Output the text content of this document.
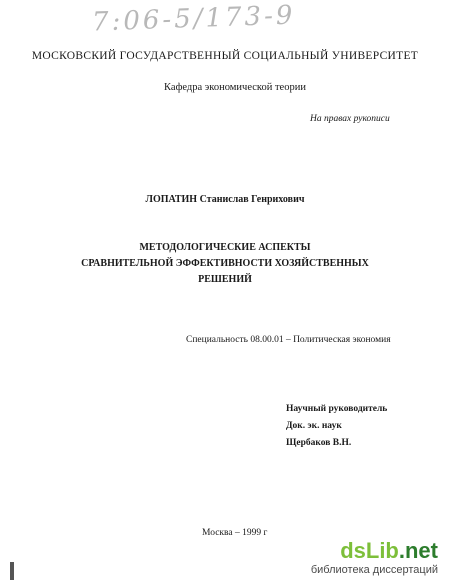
7:06-5/173-9
МОСКОВСКИЙ ГОСУДАРСТВЕННЫЙ СОЦИАЛЬНЫЙ УНИВЕРСИТЕТ
Кафедра экономической теории
На правах рукописи
ЛОПАТИН Станислав Генрихович
МЕТОДОЛОГИЧЕСКИЕ АСПЕКТЫ
СРАВНИТЕЛЬНОЙ ЭФФЕКТИВНОСТИ ХОЗЯЙСТВЕННЫХ
РЕШЕНИЙ
Специальность 08.00.01 – Политическая экономия
Научный руководитель
Док. эк. наук
Щербаков В.Н.
Москва – 1999 г
dsLib.net
библиотека диссертаций
